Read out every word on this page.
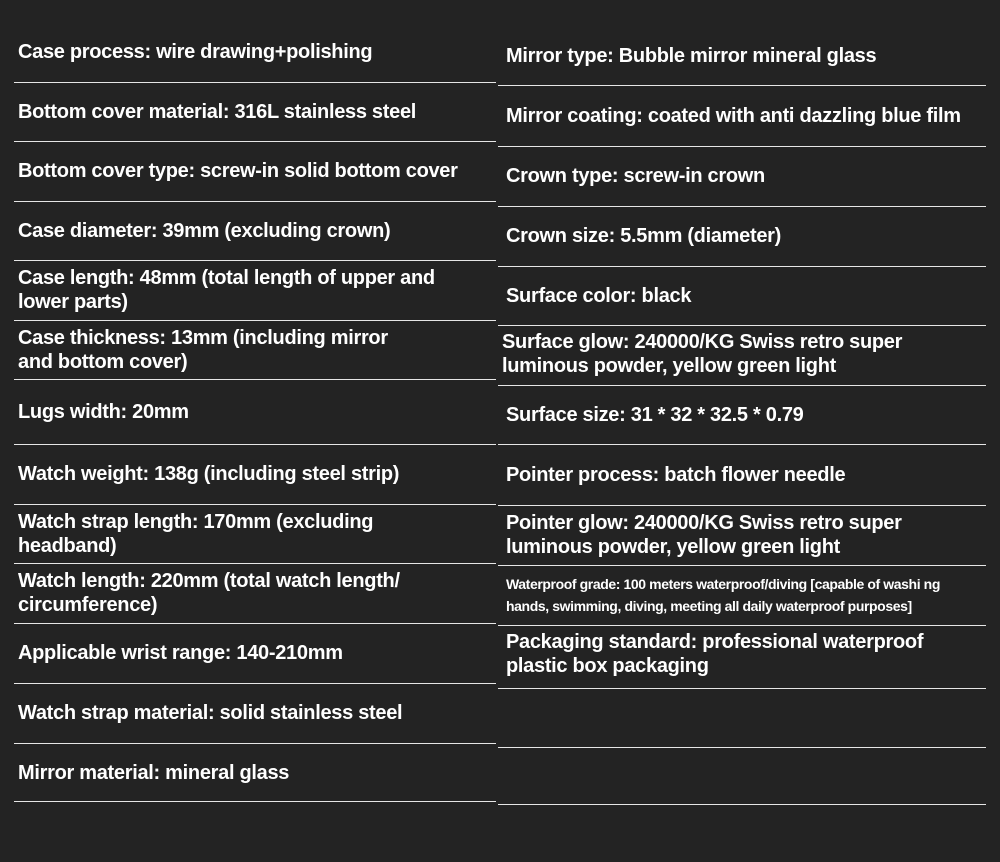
Case process: wire drawing+polishing
Bottom cover material: 316L stainless steel
Bottom cover type: screw-in solid bottom cover
Case diameter: 39mm (excluding crown)
Case length: 48mm (total length of upper and lower parts)
Case thickness: 13mm (including mirror and bottom cover)
Lugs width: 20mm
Watch weight: 138g (including steel strip)
Watch strap length: 170mm (excluding headband)
Watch length: 220mm (total watch length/ circumference)
Applicable wrist range: 140-210mm
Watch strap material: solid stainless steel
Mirror material: mineral glass
Mirror type: Bubble mirror mineral glass
Mirror coating: coated with anti dazzling blue film
Crown type: screw-in crown
Crown size: 5.5mm (diameter)
Surface color: black
Surface glow: 240000/KG Swiss retro super luminous powder, yellow green light
Surface size: 31 * 32 * 32.5 * 0.79
Pointer process: batch flower needle
Pointer glow: 240000/KG Swiss retro super luminous powder, yellow green light
Waterproof grade: 100 meters waterproof/diving [capable of washi ng hands, swimming, diving, meeting all daily waterproof purposes]
Packaging standard: professional waterproof plastic box packaging
